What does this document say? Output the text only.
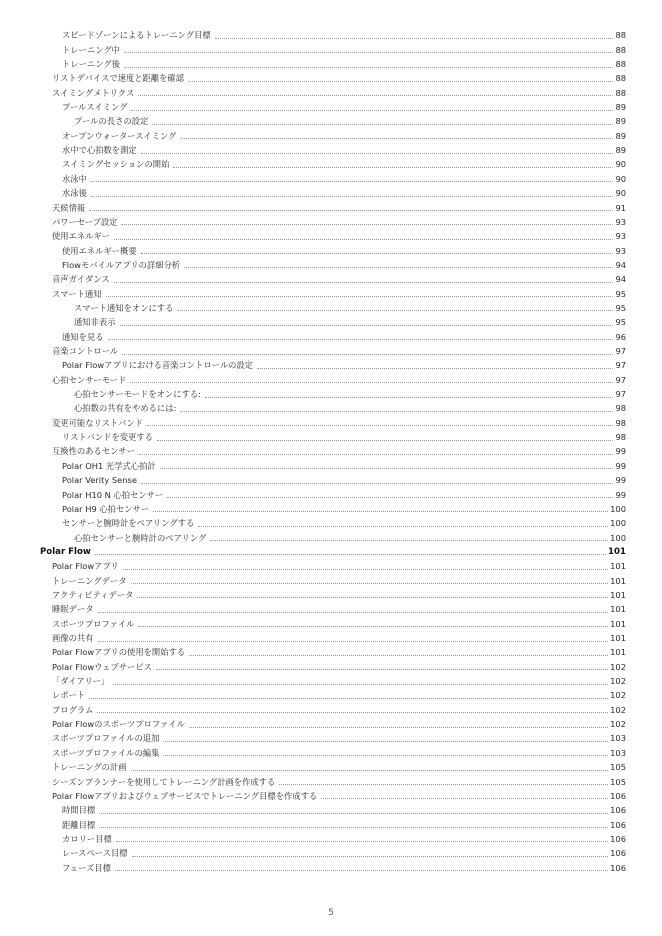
スピードゾーンによるトレーニング目標	88
トレーニング中	88
トレーニング後	88
リストデバイスで速度と距離を確認	88
スイミングメトリクス	88
プールスイミング	89
プールの長さの設定	89
オープンウォータースイミング	89
水中で心拍数を測定	89
スイミングセッションの開始	90
水泳中	90
水泳後	90
天候情報	91
パワーセーブ設定	93
使用エネルギー	93
使用エネルギー概要	93
Flowモバイルアプリの詳細分析	94
音声ガイダンス	94
スマート通知	95
スマート通知をオンにする	95
通知非表示	95
通知を見る	96
音楽コントロール	97
Polar Flowアプリにおける音楽コントロールの設定	97
心拍センサーモード	97
心拍センサーモードをオンにする:	97
心拍数の共有をやめるには:	98
変更可能なリストバンド	98
リストバンドを変更する	98
互換性のあるセンサー	99
Polar OH1 光学式心拍計	99
Polar Verity Sense	99
Polar H10 N 心拍センサー	99
Polar H9 心拍センサー	100
センサーと腕時計をペアリングする	100
心拍センサーと腕時計のペアリング	100
Polar Flow	101
Polar Flowアプリ	101
トレーニングデータ	101
アクティビティデータ	101
睡眠データ	101
スポーツプロファイル	101
画像の共有	101
Polar Flowアプリの使用を開始する	101
Polar Flowウェブサービス	102
「ダイアリー」	102
レポート	102
プログラム	102
Polar Flowのスポーツプロファイル	102
スポーツプロファイルの追加	103
スポーツプロファイルの編集	103
トレーニングの計画	105
シーズンプランナーを使用してトレーニング計画を作成する	105
Polar Flowアプリおよびウェブサービスでトレーニング目標を作成する	106
時間目標	106
距離目標	106
カロリー目標	106
レースペース目標	106
フェーズ目標	106
5
